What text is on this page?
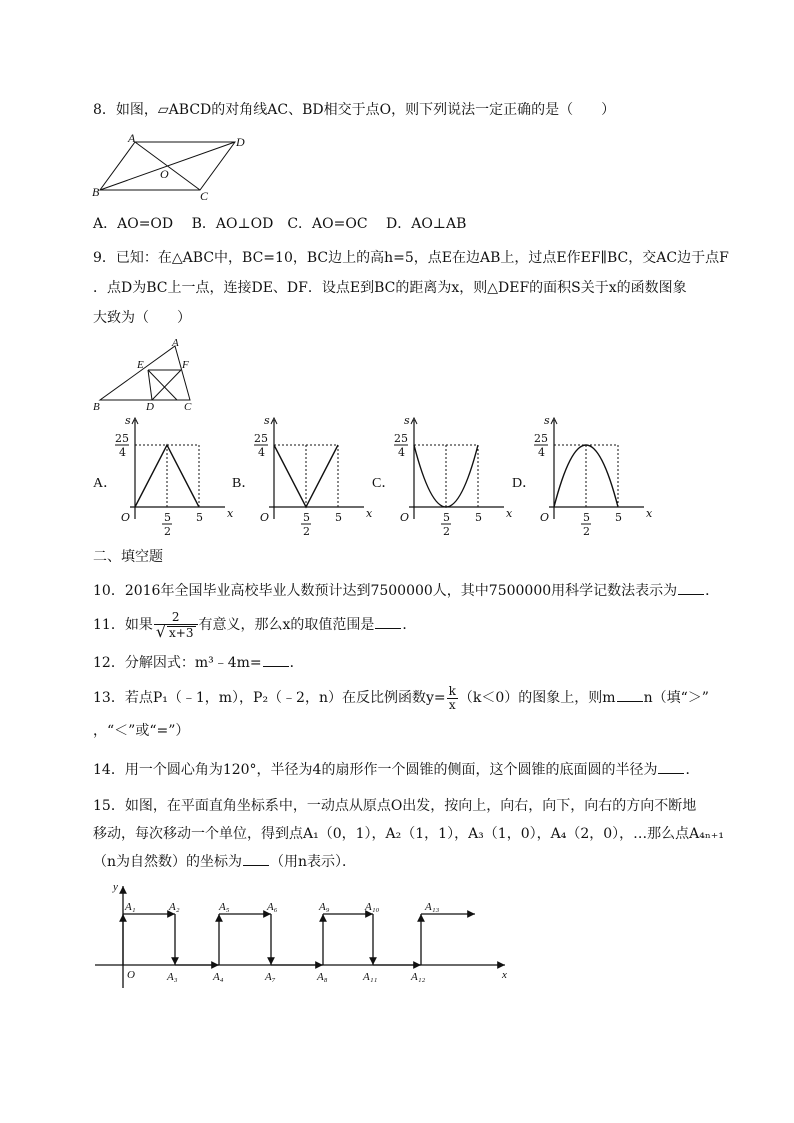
8．如图，▱ABCD的对角线AC、BD相交于点O，则下列说法一定正确的是（　　）
A	D
B	C
O
A．AO=OD　 B．AO⊥OD　C．AO=OC　 D．AO⊥AB
9．已知：在△ABC中，BC=10，BC边上的高h=5，点E在边AB上，过点E作EF∥BC，交AC边于点F
．点D为BC上一点，连接DE、DF．设点E到BC的距离为x，则△DEF的面积S关于x的函数图象
大致为（　　）
A
B	C
D
E	F
A．
s
x
O
25
4
5
2
5
B．
s
x
O
25
4
5
2
5
C．
s
x
O
25
4
5
2
5
D．
s
x
O
25
4
5
2
5
二、填空题
10．2016年全国毕业高校毕业人数预计达到7500000人，其中7500000用科学记数法表示为 ．
11．如果 $\frac{2}{√ x+3}$ 有意义，那么x的取值范围是 ．
12．分解因式：m³﹣4m= ．
13．若点P₁（﹣1，m），P₂（﹣2，n）在反比例函数$y= \frac{k}{x} (k<0)$的图象上，则m n（填“＞”
，“＜”或“=”）
14．用一个圆心角为120°，半径为4的扇形作一个圆锥的侧面，这个圆锥的底面圆的半径为 ．
15．如图，在平面直角坐标系中，一动点从原点O出发，按向上，向右，向下，向右的方向不断地
移动，每次移动一个单位，得到点A₁（0，1），A₂（1，1），A₃（1，0），A₄（2，0），…那么点A₄ₙ₊₁
（n为自然数）的坐标为 （用n表示）．
y
x
O
A₁	A₂
A₃	A₄
A₅	A₆
A₇	A₈
A₉	A₁₀
A₁₁	A₁₂
A₁₃
